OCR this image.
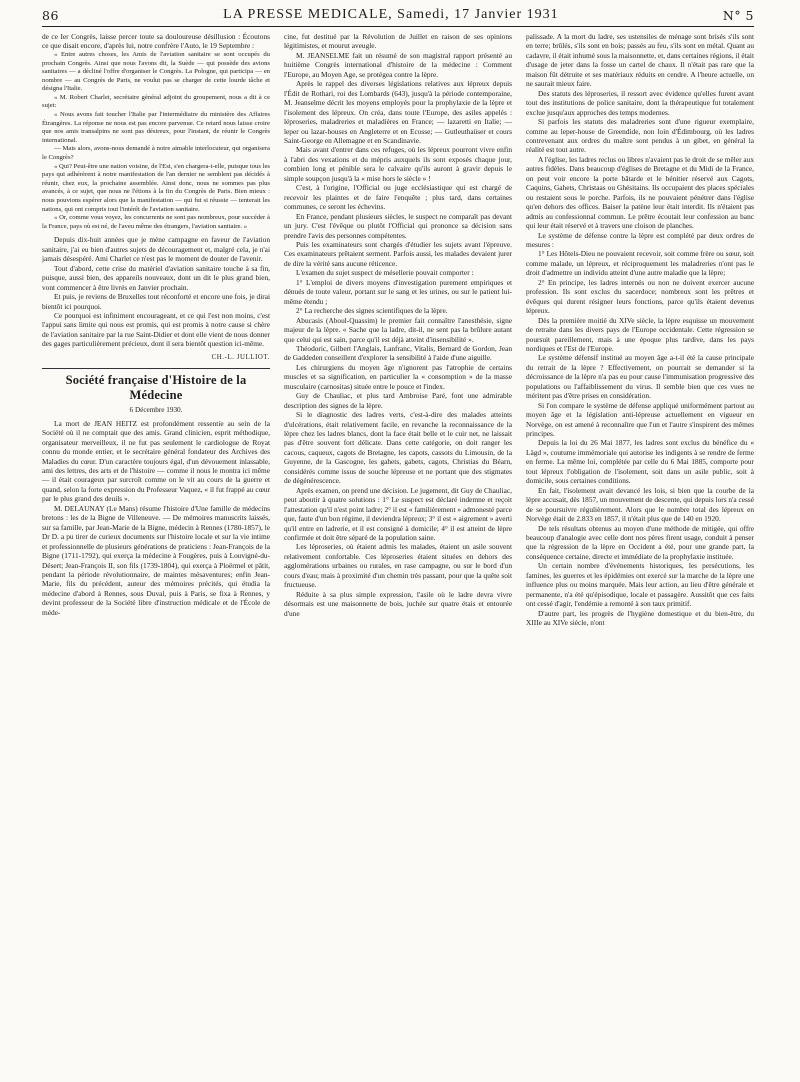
86	LA PRESSE MEDICALE, Samedi, 17 Janvier 1931	N° 5

de ce Ier Congrès, laisse percer toute sa douloureuse désillusion : Écoutons ce que disait encore, d'après lui, notre confrère l'Auto, le 19 Septembre :

« Entre autres choses, les Amis de l'aviation sanitaire se sont occupés du prochain Congrès. Ainsi que nous l'avons dit, la Suède — qui possède des avions sanitaires — a décliné l'offre d'organiser le Congrès. La Pologne, qui participa — en nombre — au Congrès de Paris, ne voulut pas se charger de cette lourde tâche et désigna l'Italie.

« M. Robert Charlet, secrétaire général adjoint du groupement, nous a dit à ce sujet:

« Nous avons fait toucher l'Italie par l'intermédiaire du ministère des Affaires Étrangères. La réponse ne nous est pas encore parvenue. Ce retard nous laisse croire que nos amis transalpins ne sont pas désireux, pour l'instant, de réunir le Congrès international.

— Mais alors, avons-nous demandé à notre aimable interlocuteur, qui organisera le Congrès?

« Qui? Peut-être une nation voisine, de l'Est, s'en chargera-t-elle, puisque tous les pays qui adhérèrent à notre manifestation de l'an dernier ne semblent pas décidés à réunir, chez eux, la prochaine assemblée. Ainsi donc, nous ne sommes pas plus avancés, à ce sujet, que nous ne l'étions à la fin du Congrès de Paris. Bien mieux : nous pouvions espérer alors que la manifestation — qui fut si réussie — tenterait les nations, qui ont compris tout l'intérêt de l'aviation sanitaire.

« Or, comme vous voyez, les concurrents ne sont pas nombreux, pour succéder à la France, pays où est né, de l'aveu même des étrangers, l'aviation sanitaire. »

Depuis dix-huit années que je mène campagne en faveur de l'aviation sanitaire, j'ai eu bien d'autres sujets de découragement et, malgré cela, je n'ai jamais désespéré. Ami Charlet ce n'est pas le moment de douter de l'avenir.

Tout d'abord, cette crise du matériel d'aviation sanitaire touche à sa fin, puisque, aussi bien, des appareils nouveaux, dont un dit le plus grand bien, vont commencer à être livrés en Janvier prochain.

Et puis, je reviens de Bruxelles tout réconforté et encore une fois, je dirai bientôt ici pourquoi.

Ce pourquoi est infiniment encourageant, et ce qui l'est non moins, c'est l'appui sans limite qui nous est promis, qui est promis à notre cause si chère de l'aviation sanitaire par la rue Saint-Didier et dont elle vient de nous donner des gages particulièrement précieux, dont il sera bientôt question ici-même.

CH.-L. JULLIOT.
Société française d'Histoire de la Médecine
6 Décembre 1930.

La mort de JEAN HEITZ est profondément ressentie au sein de la Société où il ne comptait que des amis. Grand clinicien, esprit méthodique, organisateur merveilleux, il ne fut pas seulement le cardiologue de Royat connu du monde entier, et le secrétaire général fondateur des Archives des Maladies du cœur. D'un caractère toujours égal, d'un dévouement inlassable, ami des lettres, des arts et de l'histoire — comme il nous le montra ici même — il était courageux par surcroît comme on le vit au cours de la guerre et quand, selon la forte expression du Professeur Vaquez, « il fut frappé au cœur par le plus grand des deuils ».

M. DELAUNAY (Le Mans) résume l'histoire d'Une famille de médecins bretons : les de la Bigne de Villeneuve. — De mémoires manuscrits laissés, sur sa famille, par Jean-Marie de la Bigne, médecin à Rennes (1780-1857), le Dr D. a pu tirer de curieux documents sur l'histoire locale et sur la vie intime et professionnelle de plusieurs générations de praticiens : Jean-François de la Bigne (1711-1792), qui exerça la médecine à Fougères, puis à Louvigné-du-Désert; Jean-François II, son fils (1739-1804), qui exerça à Ploërmel et pâtit, pendant la période révolutionnaire, de maintes mésaventures; enfin Jean-Marie, fils du précédent, auteur des mémoires précités, qui étudia la médecine d'abord à Rennes, sous Duval, puis à Paris, se fixa à Rennes, y devint professeur de la Société libre d'instruction médicale et de l'École de méde-

cine, fut destitué par la Révolution de Juillet en raison de ses opinions légitimistes, et mourut aveugle.

M. JEANSELME fait un résumé de son magistral rapport présenté au huitième Congrès international d'histoire de la médecine : Comment l'Europe, au Moyen Age, se protégea contre la lèpre.

Après le rappel des diverses législations relatives aux lépreux depuis l'Édit de Rothari, roi des Lombards (643), jusqu'à la période contemporaine, M. Jeanselme décrit les moyens employés pour la prophylaxie de la lèpre et l'isolement des lépreux. On créa, dans toute l'Europe, des asiles appelés : léproseries, maladreries et maladières en France; — lazaretti en Italie; — leper ou lazar-houses en Angleterre et en Ecosse; — Gutleuthaüser et cours Saint-George en Allemagne et en Scandinavie.

Mais avant d'entrer dans ces refuges, où les lépreux pourront vivre enfin à l'abri des vexations et du mépris auxquels ils sont exposés chaque jour, combien long et pénible sera le calvaire qu'ils auront à gravir depuis le simple soupçon jusqu'à la « mise hors le siècle » !

C'est, à l'origine, l'Official ou juge ecclésiastique qui est chargé de recevoir les plaintes et de faire l'enquête ; plus tard, dans certaines communes, ce seront les échevins.

En France, pendant plusieurs siècles, le suspect ne comparaît pas devant un jury. C'est l'évêque ou plutôt l'Official qui prononce sa décision sans prendre l'avis des personnes compétentes.

Puis les examinateurs sont chargés d'étudier les sujets avant l'épreuve. Ces examinateurs prêtaient serment. Parfois aussi, les malades devaient jurer de dire la vérité sans aucune réticence.

L'examen du sujet suspect de mésellerie pouvait comporter :

1° L'emploi de divers moyens d'investigation purement empiriques et dénués de toute valeur, portant sur le sang et les urines, ou sur le patient lui-même étendu ;

2° La recherche des signes scientifiques de la lèpre.

Abucasis (Aboul-Quassim) le premier fait connaître l'anesthésie, signe majeur de la lèpre. « Sache que la ladre, dit-il, ne sent pas la brûlure autant que celui qui est sain, parce qu'il est déjà atteint d'insensibilité ».

Théodoric, Gilbert l'Anglais, Lanfranc, Vitalis, Bernard de Gordon, Jean de Gaddeden conseillent d'explorer la sensibilité à l'aide d'une aiguille.

Les chirurgiens du moyen âge n'ignorent pas l'atrophie de certains muscles et sa signification, en particulier la « consomption » de la masse musculaire (carnositas) située entre le pouce et l'index.

Guy de Chauliac, et plus tard Ambroise Paré, font une admirable description des signes de la lèpre.

Si le diagnostic des ladres verts, c'est-à-dire des malades atteints d'ulcérations, était relativement facile, en revanche la reconnaissance de la lèpre chez les ladres blancs, dont la face était belle et le cuir net, ne laissait pas d'être souvent fort délicate. Dans cette catégorie, on doit ranger les cacous, caqueux, cagots de Bretagne, les capots, cassots du Limousin, de la Guyenne, de la Gascogne, les gahets, gabets, cagots, Christias du Béarn, considérés comme issus de souche lépreuse et ne portant que des stigmates de dégénérescence.

Après examen, on prend une décision. Le jugement, dit Guy de Chauliac, peut aboutir à quatre solutions : 1° Le suspect est déclaré indemne et reçoit l'attestation qu'il n'est point ladre; 2° il est « familièrement » admonesté parce que, faute d'un bon régime, il deviendra lépreux; 3° il est « aigrement » averti qu'il entre en ladrerie, et il est consigné à domicile; 4° il est atteint de lèpre confirmée et doit être séparé de la population saine.

Les léproseries, où étaient admis les malades, étaient un asile souvent relativement confortable. Ces léproseries étaient situées en dehors des agglomérations urbaines ou rurales, en rase campagne, ou sur le bord d'un cours d'eau; mais à proximité d'un chemin très passant, pour que la quête soit fructueuse.

Réduite à sa plus simple expression, l'asile où le ladre devra vivre désormais est une maisonnette de bois, juchée sur quatre étais et entourée d'une

palissade. A la mort du ladre, ses ustensiles de ménage sont brisés s'ils sont en terre; brûlés, s'ils sont en bois; passés au feu, s'ils sont en métal. Quant au cadavre, il était inhumé sous la maisonnette, et, dans certaines régions, il était d'usage de jeter dans la fosse un cartel de chaux. Il n'était pas rare que la maison fût détruite et ses matériaux réduits en cendre. A l'heure actuelle, on ne saurait mieux faire.

Des statuts des léproseries, il ressort avec évidence qu'elles furent avant tout des institutions de police sanitaire, dont la thérapeutique fut totalement exclue jusqu'aux approches des temps modernes.

Si parfois les statuts des maladreries sont d'une rigueur exemplaire, comme au leper-house de Greendide, non loin d'Édimbourg, où les ladres contrevenant aux ordres du maître sont pendus à un gibet, en général la réalité est tout autre.

A l'église, les ladres reclus ou libres n'avaient pas le droit de se mêler aux autres fidèles. Dans beaucoup d'églises de Bretagne et du Midi de la France, on peut voir encore la porte bâtarde et le bénitier réservé aux Cagots, Caquins, Gahets, Christaas ou Ghésitains. Ils occupaient des places spéciales ou restaient sous le porche. Parfois, ils ne pouvaient pénétrer dans l'église qu'en dehors des offices. Baiser la patène leur était interdit. Ils n'étaient pas admis au confessionnal commun. Le prêtre écoutait leur confession au banc qui leur était réservé et à travers une cloison de planches.

Le système de défense contre la lèpre est complété par deux ordres de mesures :

1° Les Hôtels-Dieu ne pouvaient recevoir, soit comme frère ou sœur, soit comme malade, un lépreux, et réciproquement les maladreries n'ont pas le droit d'admettre un individu atteint d'une autre maladie que la lèpre;

2° En principe, les ladres internés ou non ne doivent exercer aucune profession. Ils sont exclus du sacerdoce; nombreux sont les prêtres et évêques qui durent résigner leurs fonctions, parce qu'ils étaient devenus lépreux.

Dès la première moitié du XIVe siècle, la lèpre esquisse un mouvement de retraite dans les divers pays de l'Europe occidentale. Cette régression se poursuit pareillement, mais à une époque plus tardive, dans les pays nordiques et l'Est de l'Europe.

Le système défensif institué au moyen âge a-t-il été la cause principale du retrait de la lèpre ? Effectivement, on pourrait se demander si la décroissance de la lèpre n'a pas eu pour cause l'immunisation progressive des populations ou l'affaiblissement du virus. Il semble bien que ces vues ne méritent pas d'être prises en considération.

Si l'on compare le système de défense appliqué uniformément partout au moyen âge et la législation anti-lépreuse actuellement en vigueur en Norvège, on est amené à reconnaître que l'un et l'autre s'inspirent des mêmes principes.

Depuis la loi du 26 Mai 1877, les ladres sont exclus du bénéfice du « Lägd », coutume immémoriale qui autorise les indigents à se rendre de ferme en ferme. La même loi, complétée par celle du 6 Mai 1885, comporte pour tout lépreux l'obligation de l'isolement, soit dans un asile public, soit à domicile, sous certaines conditions.

En fait, l'isolement avait devancé les lois, si bien que la courbe de la lèpre accusait, dès 1857, un mouvement de descente, qui depuis lors n'a cessé de se poursuivre régulièrement. Alors que le nombre total des lépreux en Norvège était de 2.833 en 1857, il n'était plus que de 140 en 1920.

De tels résultats obtenus au moyen d'une méthode de mitigée, qui offre beaucoup d'analogie avec celle dont nos pères firent usage, conduit à penser que la régression de la lèpre en Occident a été, pour une grande part, la conséquence certaine, directe et immédiate de la prophylaxie instituée.

Un certain nombre d'événements historiques, les persécutions, les famines, les guerres et les épidémies ont exercé sur la marche de la lèpre une influence plus ou moins marquée. Mais leur action, au lieu d'être générale et permanente, n'a été qu'épisodique, locale et passagère. Aussitôt que ces faits ont cessé d'agir, l'endémie a remonté à son taux primitif.

D'autre part, les progrès de l'hygiène domestique et du bien-être, du XIIIe au XIVe siècle, n'ont
